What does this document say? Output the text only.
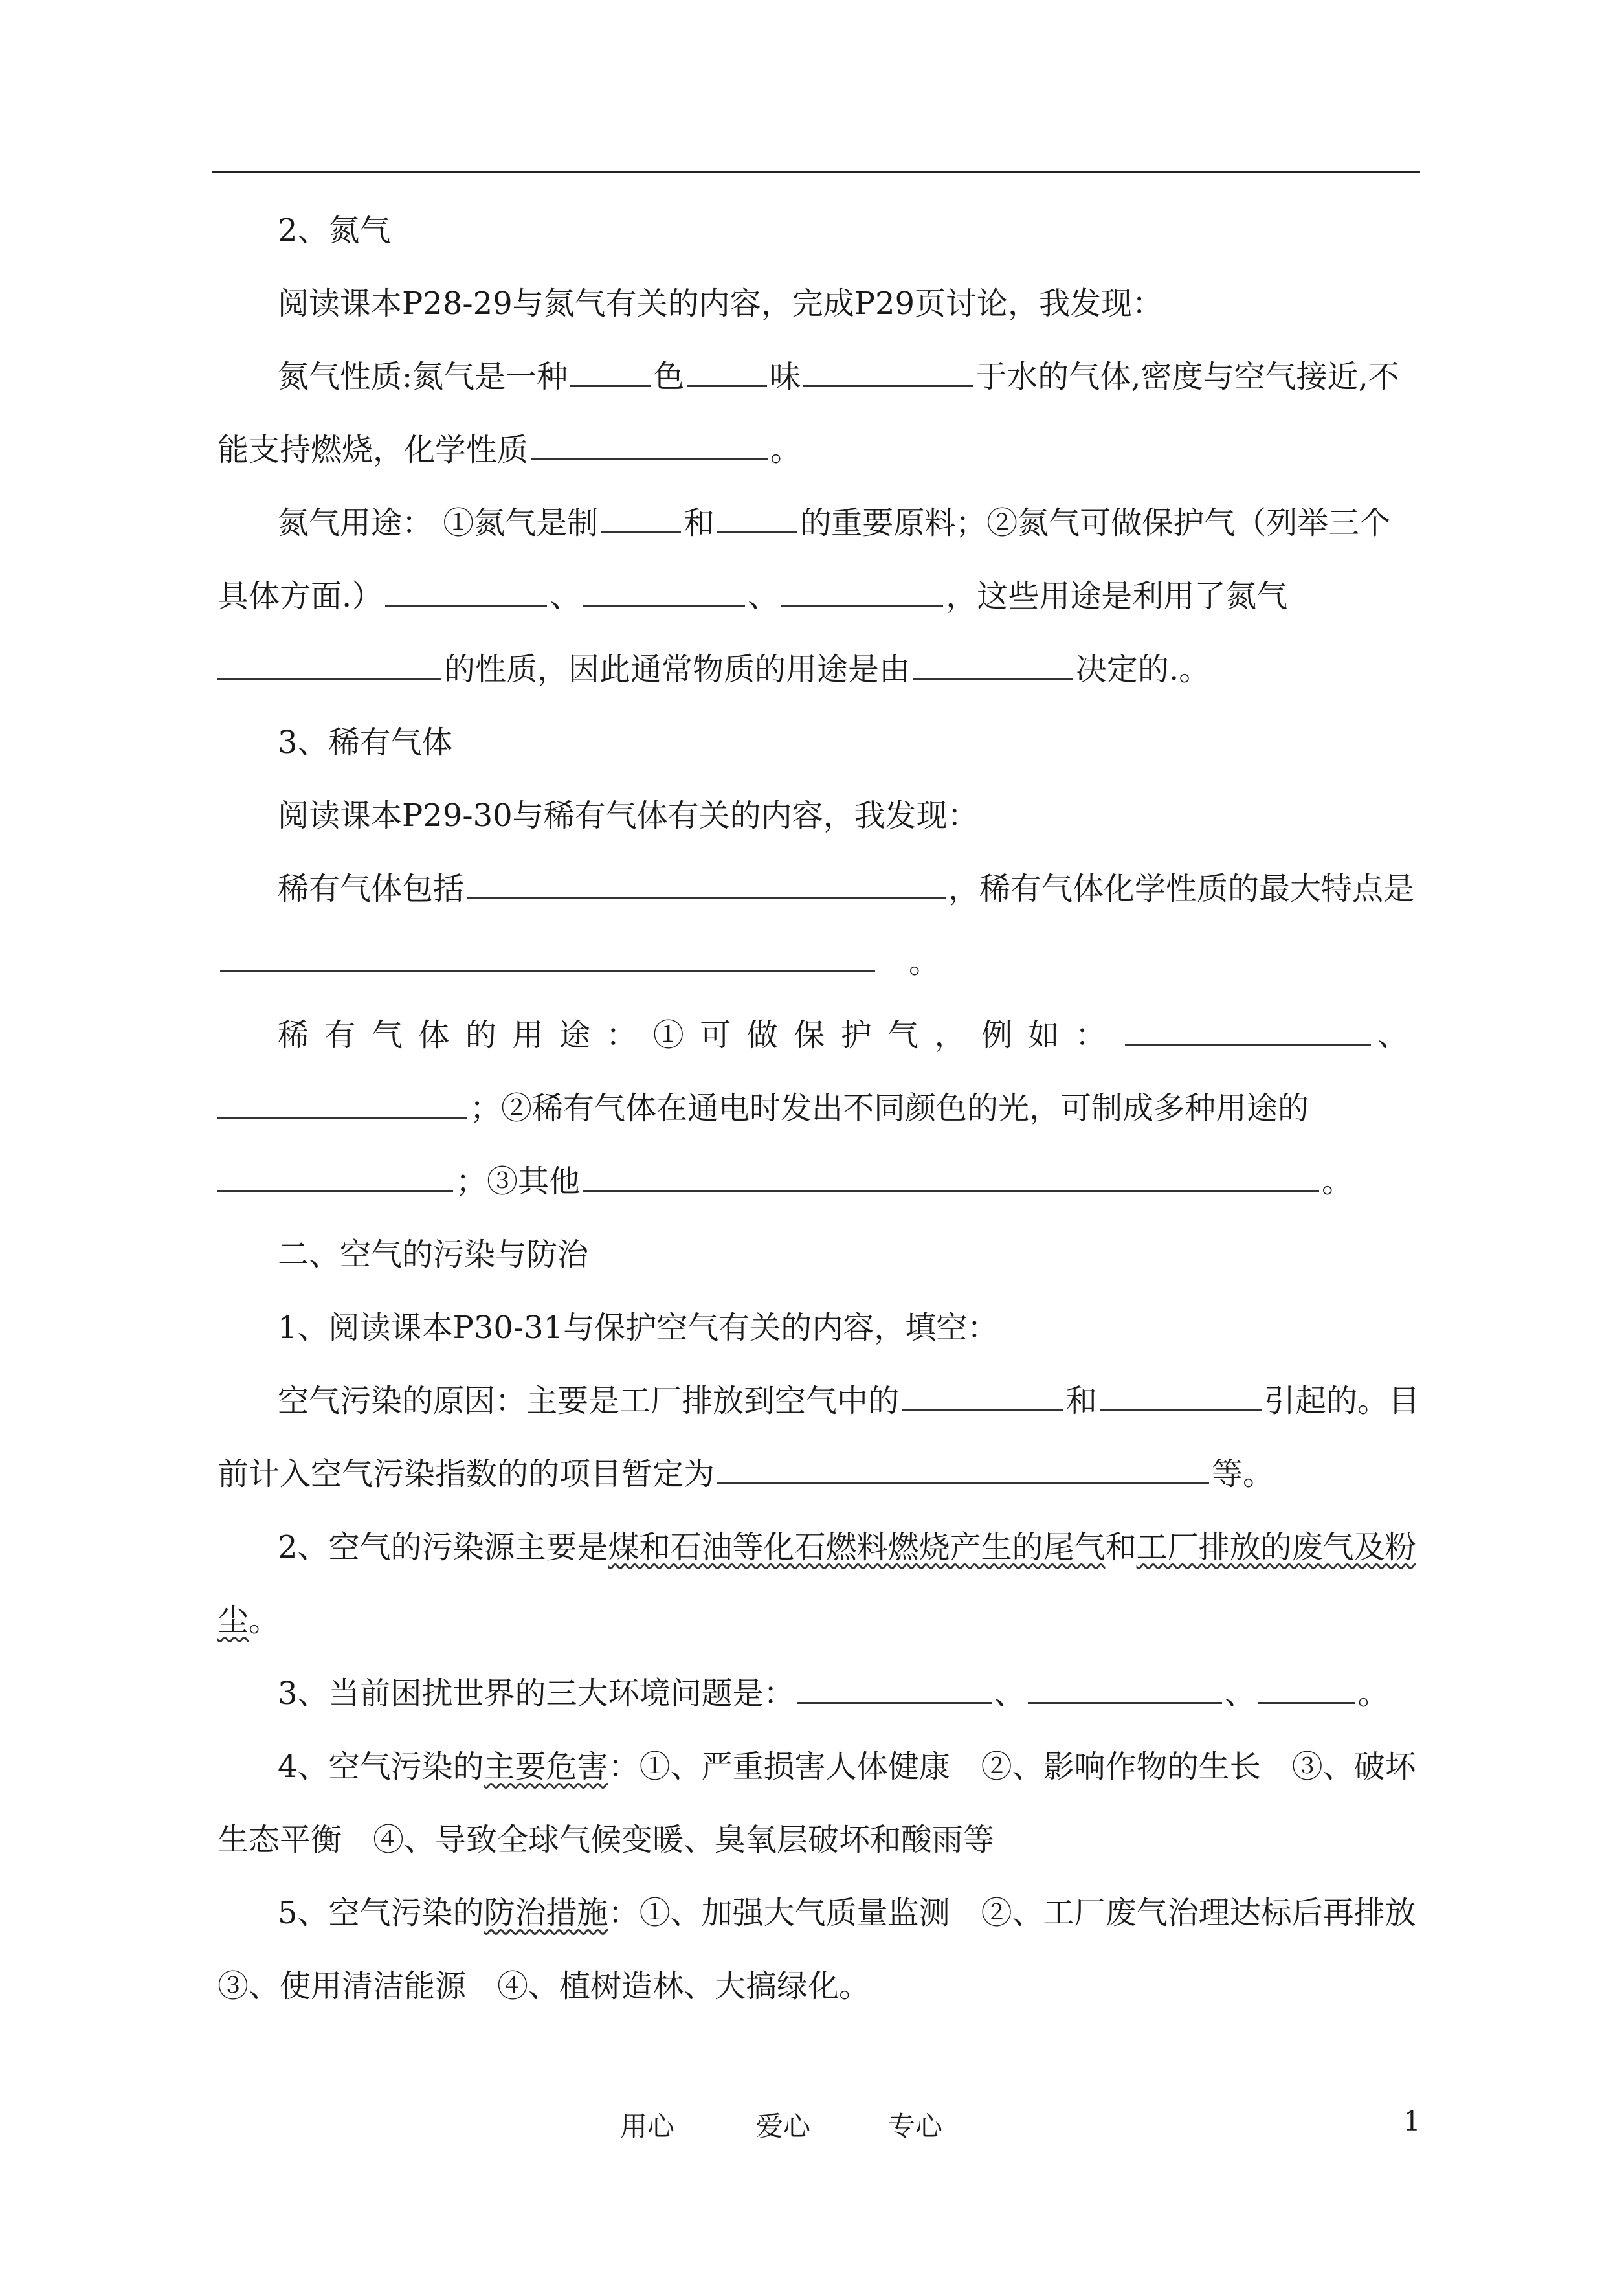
2、氮气

阅读课本P28-29与氮气有关的内容，完成P29页讨论，我发现：

氮气性质:氮气是一种	色	味	于水的气体,密度与空气接近,不能支持燃烧，化学性质	。

氮气用途： ①氮气是制	和	的重要原料；②氮气可做保护气（列举三个具体方面.）	、	、	，这些用途是利用了氮气的性质，因此通常物质的用途是由	决定的.。

3、稀有气体

阅读课本P29-30与稀有气体有关的内容，我发现：

稀有气体包括	，稀有气体化学性质的最大特点是　。

稀有气体的用途：①可做保护气，例如：	、

；②稀有气体在通电时发出不同颜色的光，可制成多种用途的；③其他	。

二、空气的污染与防治

1、阅读课本P30-31与保护空气有关的内容，填空：

空气污染的原因：主要是工厂排放到空气中的	和	引起的。目前计入空气污染指数的的项目暂定为	等。

2、空气的污染源主要是煤和石油等化石燃料燃烧产生的尾气和工厂排放的废气及粉尘。

3、当前困扰世界的三大环境问题是：	、	、	。

4、空气污染的主要危害：①、严重损害人体健康　②、影响作物的生长　③、破坏生态平衡　④、导致全球气候变暖、臭氧层破坏和酸雨等

5、空气污染的防治措施：①、加强大气质量监测　②、工厂废气治理达标后再排放③、使用清洁能源　④、植树造林、大搞绿化。

用心	爱心	专心	1
